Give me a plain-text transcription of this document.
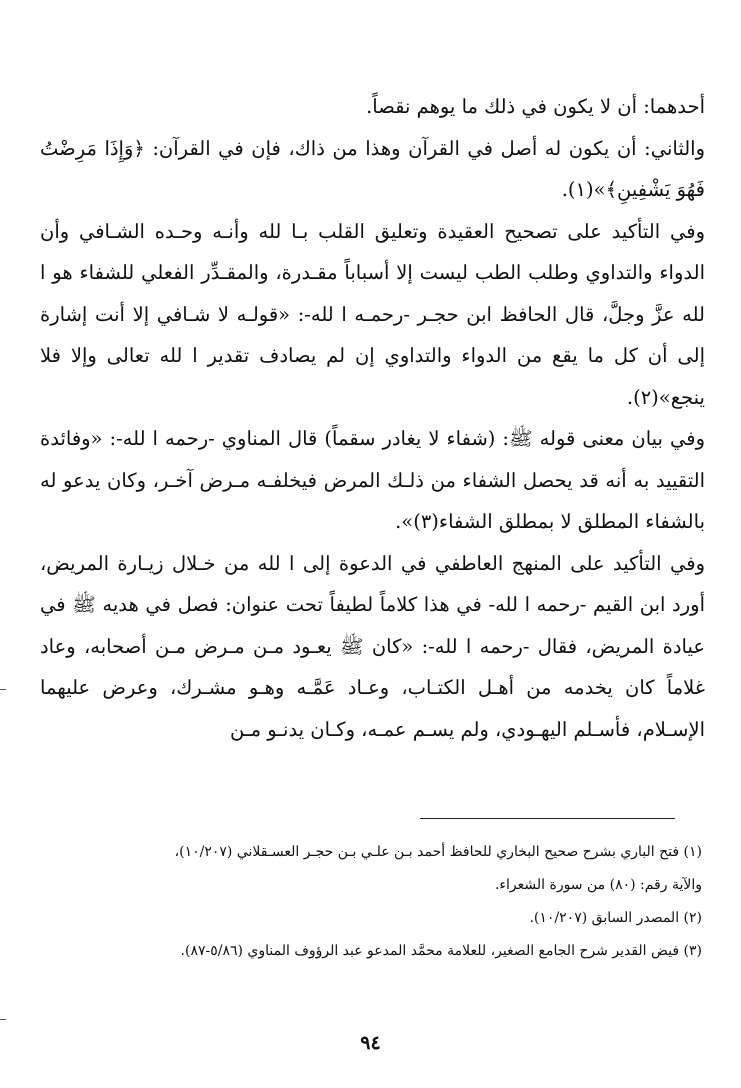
أحدهما: أن لا يكون في ذلك ما يوهم نقصاً.

والثاني: أن يكون له أصل في القرآن وهذا من ذاك، فإن في القرآن: ﴿وَإِذَا مَرِضْتُ فَهُوَ يَشْفِينِ﴾»(١).

وفي التأكيد على تصحيح العقيدة وتعليق القلب بـا لله وأنـه وحـده الشـافي وأن الدواء والتداوي وطلب الطب ليست إلا أسباباً مقـدرة، والمقـدِّر الفعلي للشفاء هو ا لله عزَّ وجلَّ، قال الحافظ ابن حجـر -رحمـه ا لله-: «قولـه لا شـافي إلا أنت إشارة إلى أن كل ما يقع من الدواء والتداوي إن لم يصادف تقدير ا لله تعالى وإلا فلا ينجع»(٢).

وفي بيان معنى قوله ﷺ: (شفاء لا يغادر سقماً) قال المناوي -رحمه ا لله-: «وفائدة التقييد به أنه قد يحصل الشفاء من ذلـك المرض فيخلفـه مـرض آخـر، وكان يدعو له بالشفاء المطلق لا بمطلق الشفاء(٣)».

وفي التأكيد على المنهج العاطفي في الدعوة إلى ا لله من خـلال زيـارة المريض، أورد ابن القيم -رحمه ا لله- في هذا كلاماً لطيفاً تحت عنوان: فصل في هديه ﷺ في عيادة المريض، فقال -رحمه ا لله-: «كان ﷺ يعـود مـن مـرض مـن أصحابه، وعاد غلاماً كان يخدمه من أهـل الكتـاب، وعـاد عَمَّـه وهـو مشـرك، وعرض عليهما الإسـلام، فأسـلم اليهـودي، ولم يسـم عمـه، وكـان يدنـو مـن

(١) فتح الباري بشرح صحيح البخاري للحافظ أحمد بـن علـي بـن حجـر العسـقلاني (١٠/٢٠٧)،

والآية رقم: (٨٠) من سورة الشعراء.

(٢) المصدر السابق (١٠/٢٠٧).

(٣) فيض القدير شرح الجامع الصغير، للعلامة محمَّد المدعو عبد الرؤوف المناوي (٥/٨٦-٨٧).

٩٤
